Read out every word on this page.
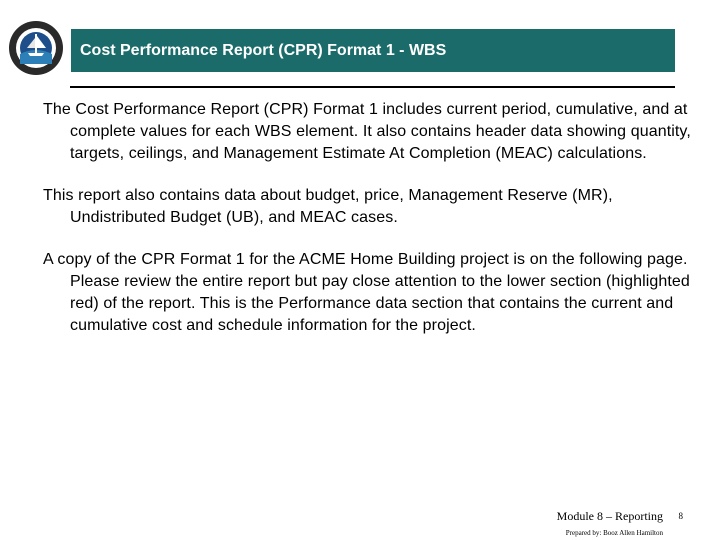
Cost Performance Report (CPR) Format 1 - WBS

The Cost Performance Report (CPR) Format 1 includes current period, cumulative, and at complete values for each WBS element. It also contains header data showing quantity, targets, ceilings, and Management Estimate At Completion (MEAC) calculations.

This report also contains data about budget, price, Management Reserve (MR), Undistributed Budget (UB), and MEAC cases.

A copy of the CPR Format 1 for the ACME Home Building project is on the following page. Please review the entire report but pay close attention to the lower section (highlighted red) of the report. This is the Performance data section that contains the current and cumulative cost and schedule information for the project.

Module 8 – Reporting
Prepared by: Booz Allen Hamilton
8
